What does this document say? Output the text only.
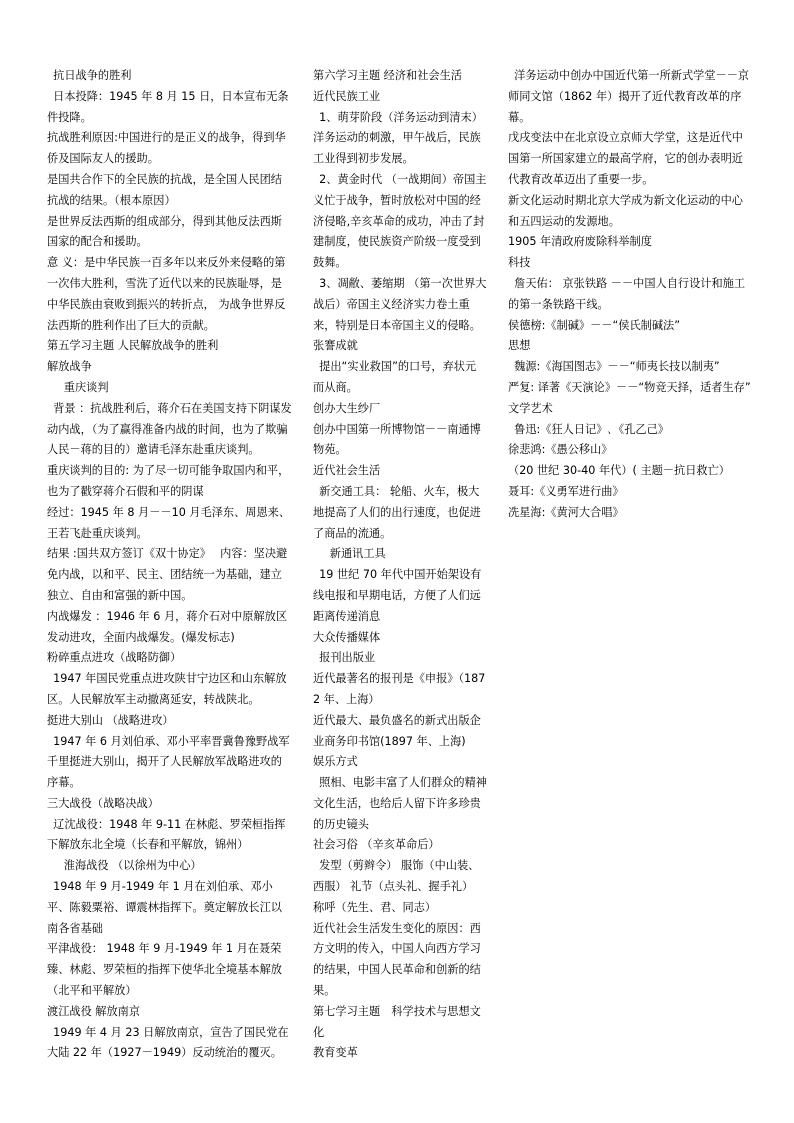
抗日战争的胜利
日本投降：1945 年 8 月 15 日，日本宣布无条件投降。
抗战胜利原因:中国进行的是正义的战争，得到华侨及国际友人的援助。
是国共合作下的全民族的抗战，是全国人民团结抗战的结果。（根本原因）
是世界反法西斯的组成部分，得到其他反法西斯国家的配合和援助。
意 义：是中华民族一百多年以来反外来侵略的第一次伟大胜利，雪洗了近代以来的民族耻辱，是中华民族由衰败到振兴的转折点， 为战争世界反法西斯的胜利作出了巨大的贡献。
第五学习主题 人民解放战争的胜利
解放战争
重庆谈判
背景 ：抗战胜利后，蒋介石在美国支持下阴谋发动内战，（为了赢得准备内战的时间，也为了欺骗人民－蒋的目的）邀请毛泽东赴重庆谈判。
重庆谈判的目的: 为了尽一切可能争取国内和平，也为了戳穿蒋介石假和平的阴谋
经过：1945 年 8 月－－10 月毛泽东、周恩来、王若飞赴重庆谈判。
结果 :国共双方签订《双十协定》　 内容：坚决避免内战，以和平、民主、团结统一为基础，建立独立、自由和富强的新中国。
内战爆发 ：1946 年 6 月，蒋介石对中原解放区发动进攻，全面内战爆发。(爆发标志)
粉碎重点进攻（战略防御）
1947 年国民党重点进攻陕甘宁边区和山东解放区。人民解放军主动撤离延安，转战陕北。
挺进大别山 （战略进攻）
1947 年 6 月刘伯承、邓小平率晋冀鲁豫野战军千里挺进大别山，揭开了人民解放军战略进攻的序幕。
三大战役（战略决战）
辽沈战役：1948 年 9-11 在林彪、罗荣桓指挥下解放东北全境（长春和平解放，锦州）
淮海战役 （以徐州为中心）
1948 年 9 月-1949 年 1 月在刘伯承、邓小平、陈毅粟裕、谭震林指挥下。奠定解放长江以南各省基础
平津战役： 1948 年 9 月-1949 年 1 月在聂荣臻、林彪、罗荣桓的指挥下使华北全境基本解放（北平和平解放）
渡江战役 解放南京
1949 年 4 月 23 日解放南京，宣告了国民党在大陆 22 年（1927－1949）反动统治的覆灭。
第六学习主题 经济和社会生活
近代民族工业
1、萌芽阶段（洋务运动到清末）洋务运动的刺激，甲午战后，民族工业得到初步发展。
2、黄金时代 （一战期间）帝国主义忙于战争，暂时放松对中国的经济侵略,辛亥革命的成功，冲击了封建制度，使民族资产阶级一度受到鼓舞。
3、凋敝、萎缩期 （第一次世界大战后）帝国主义经济实力卷土重来，特别是日本帝国主义的侵略。
张謇成就
提出“实业救国”的口号，弃状元而从商。
创办大生纱厂
创办中国第一所博物馆－－南通博物苑。
近代社会生活
新交通工具： 轮船、火车，极大地提高了人们的出行速度，也促进了商品的流通。
新通讯工具
19 世纪 70 年代中国开始架设有线电报和早期电话，方便了人们远距离传递消息
大众传播媒体
报刊出版业
近代最著名的报刊是《申报》（1872 年、上海）
近代最大、最负盛名的新式出版企业商务印书馆(1897 年、上海)
娱乐方式
照相、电影丰富了人们群众的精神文化生活，也给后人留下许多珍贵的历史镜头
社会习俗 （辛亥革命后）
发型（剪辫令） 服饰（中山装、西服） 礼节（点头礼、握手礼）
称呼（先生、君、同志）
近代社会生活发生变化的原因：西方文明的传入，中国人向西方学习的结果，中国人民革命和创新的结果。
第七学习主题　科学技术与思想文化
教育变革
洋务运动中创办中国近代第一所新式学堂－－京师同文馆（1862 年）揭开了近代教育改革的序幕。
戊戌变法中在北京设立京师大学堂，这是近代中国第一所国家建立的最高学府，它的创办表明近代教育改革迈出了重要一步。
新文化运动时期北京大学成为新文化运动的中心和五四运动的发源地。
1905 年清政府废除科举制度
科技
詹天佑： 京张铁路 －－中国人自行设计和施工的第一条铁路干线。
侯德榜:《制碱》－－“侯氏制碱法”
思想
魏源:《海国图志》－－“师夷长技以制夷”
严复: 译著《天演论》－－“物竞天择，适者生存”
文学艺术
鲁迅:《狂人日记》､《孔乙己》
徐悲鸿:《愚公移山》
（20 世纪 30-40 年代）( 主题－抗日救亡）
聂耳:《义勇军进行曲》
冼星海:《黄河大合唱》
